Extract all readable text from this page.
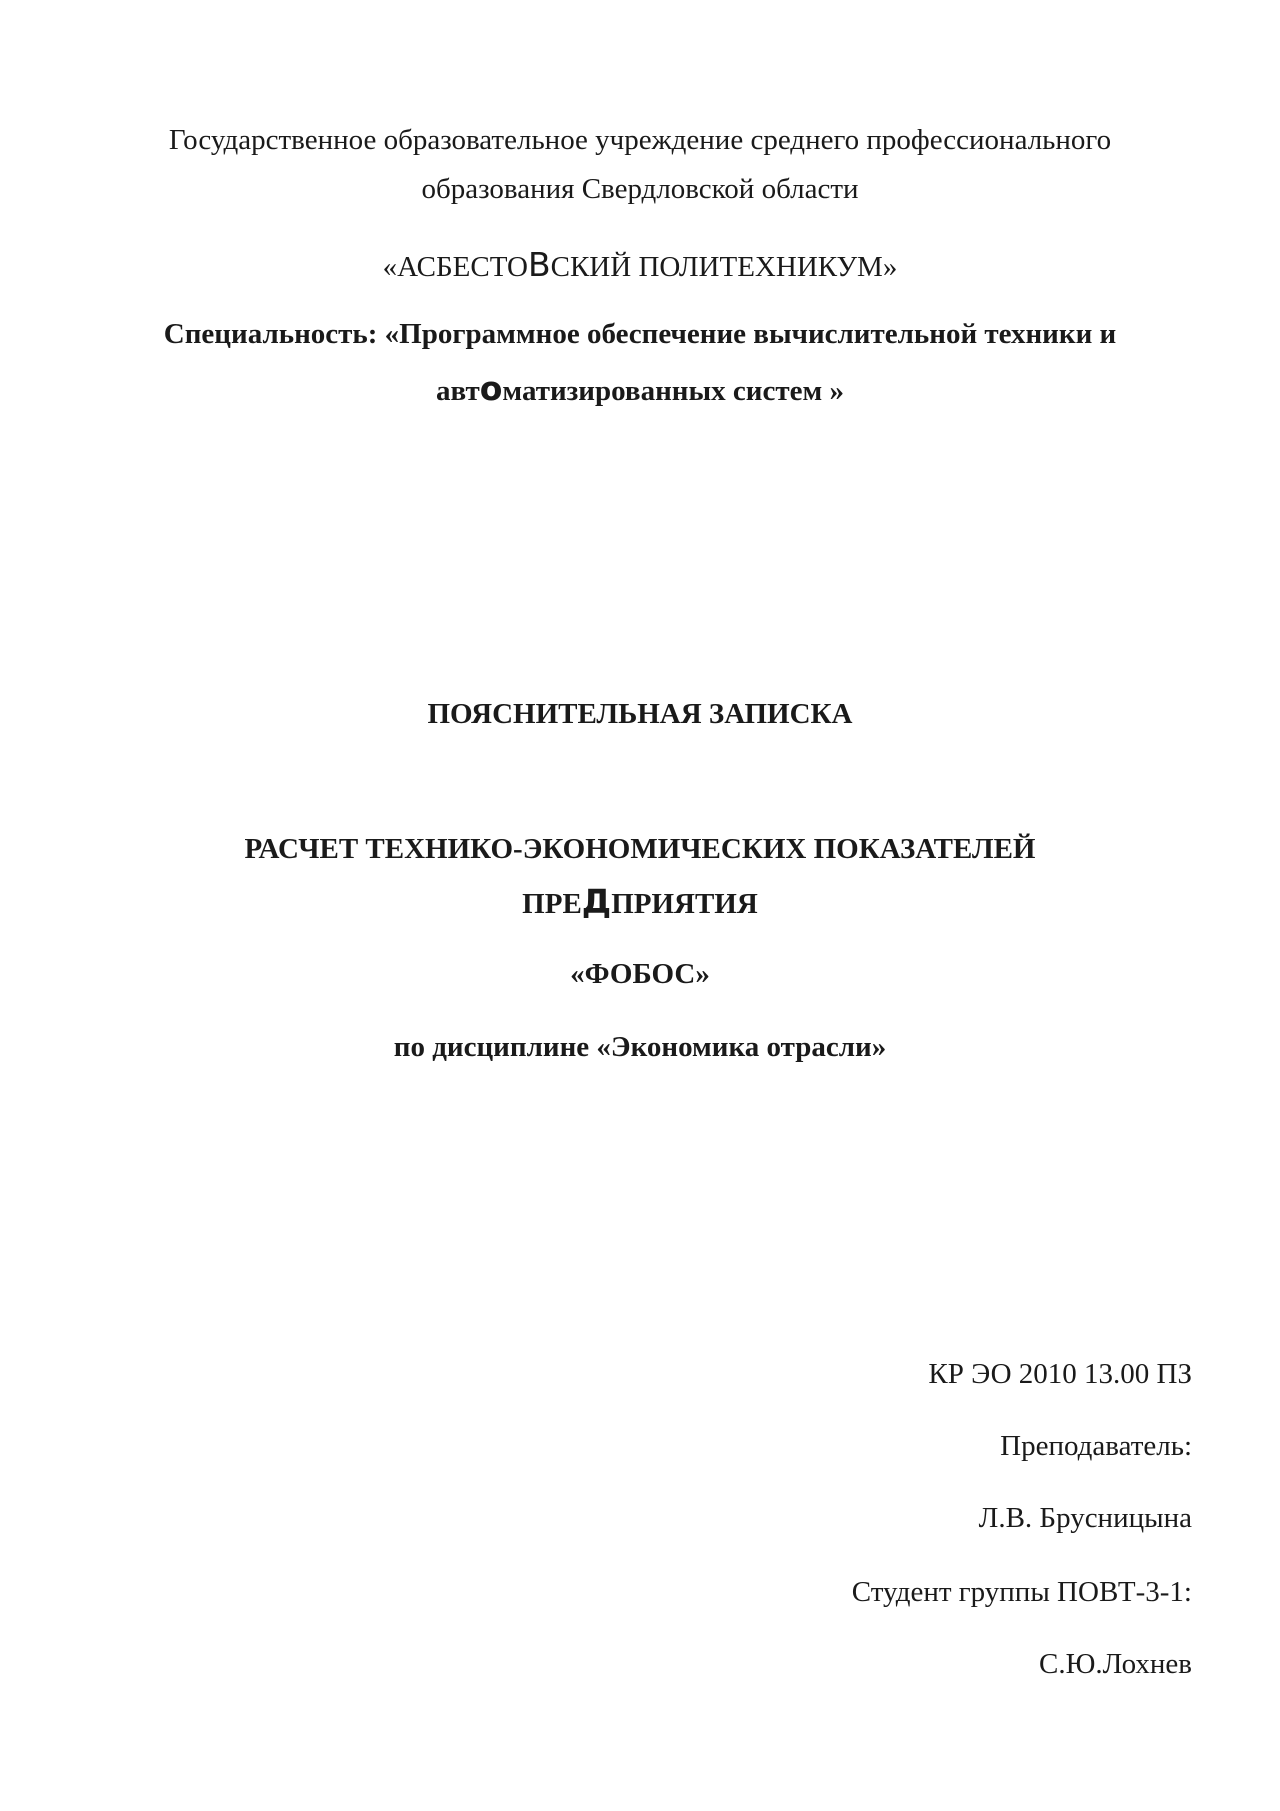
Государственное образовательное учреждение среднего профессионального
образования Свердловской области
«АСБЕСТОВСКИЙ ПОЛИТЕХНИКУМ»
Специальность: «Программное обеспечение вычислительной техники и
автоматизированных систем »
ПОЯСНИТЕЛЬНАЯ ЗАПИСКА
РАСЧЕТ ТЕХНИКО-ЭКОНОМИЧЕСКИХ ПОКАЗАТЕЛЕЙ
ПРЕДПРИЯТИЯ
«ФОБОС»
по дисциплине «Экономика отрасли»
КР ЭО 2010 13.00 ПЗ
Преподаватель:
Л.В. Брусницына
Студент группы ПОВТ-3-1:
С.Ю.Лохнев
